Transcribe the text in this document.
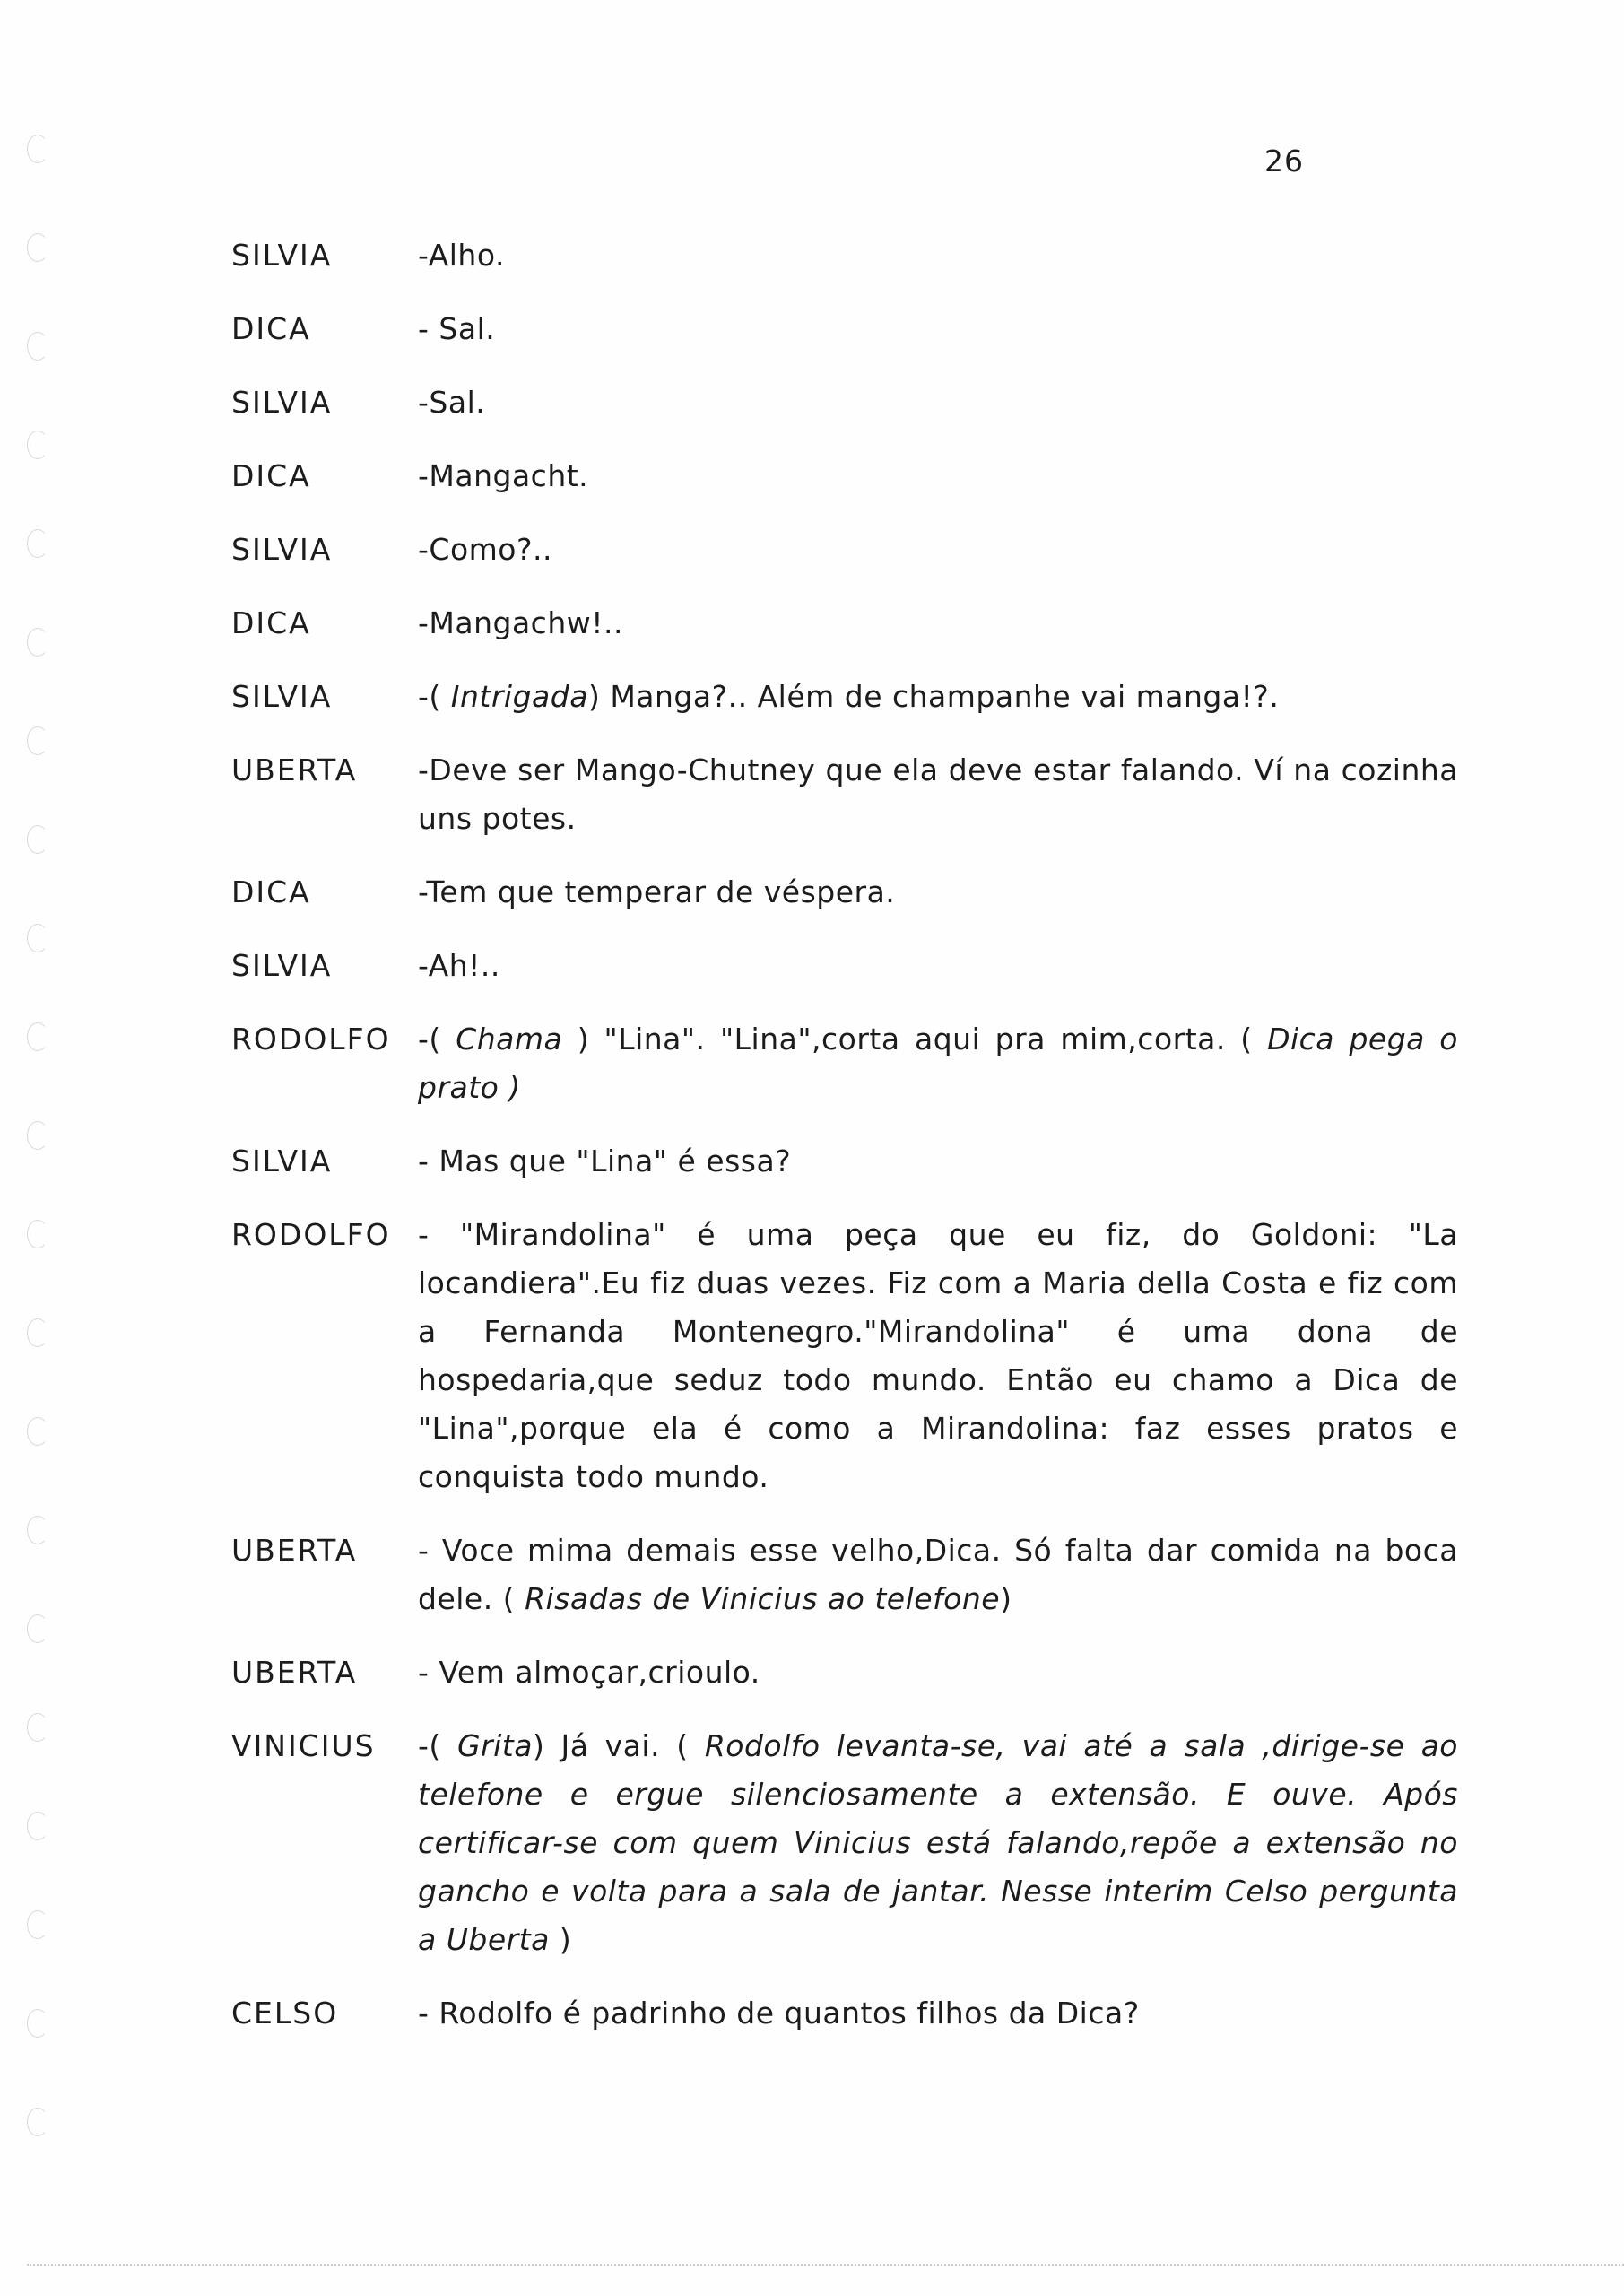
26
SILVIA	-Alho.
DICA	- Sal.
SILVIA	-Sal.
DICA	-Mangacht.
SILVIA	-Como?..
DICA	-Mangachw!..
SILVIA	-( Intrigada) Manga?.. Além de champanhe vai manga!?.
UBERTA	-Deve ser Mango-Chutney que ela deve estar falando. Ví na cozinha uns potes.
DICA	-Tem que temperar de véspera.
SILVIA	-Ah!..
RODOLFO -( Chama ) "Lina". "Lina",corta aqui pra mim,corta. ( Dica pega o prato )
SILVIA	- Mas que "Lina" é essa?
RODOLFO - "Mirandolina" é uma peça que eu fiz, do Goldoni: "La locandiera".Eu fiz duas vezes. Fiz com a Maria della Costa e fiz com a Fernanda Montenegro."Mirandolina" é uma dona de hospedaria,que seduz todo mundo. Então eu chamo a Dica de "Lina",porque ela é como a Mirandolina: faz esses pratos e conquista todo mundo.
UBERTA	- Voce mima demais esse velho,Dica. Só falta dar comida na boca dele. ( Risadas de Vinicius ao telefone)
UBERTA	- Vem almoçar,crioulo.
VINICIUS	-( Grita) Já vai. ( Rodolfo levanta-se, vai até a sala ,dirige-se ao telefone e ergue silenciosamente a extensão. E ouve. Após certificar-se com quem Vinicius está falando,repõe a extensão no gancho e volta para a sala de jantar. Nesse interim Celso pergunta a Uberta )
CELSO	- Rodolfo é padrinho de quantos filhos da Dica?
